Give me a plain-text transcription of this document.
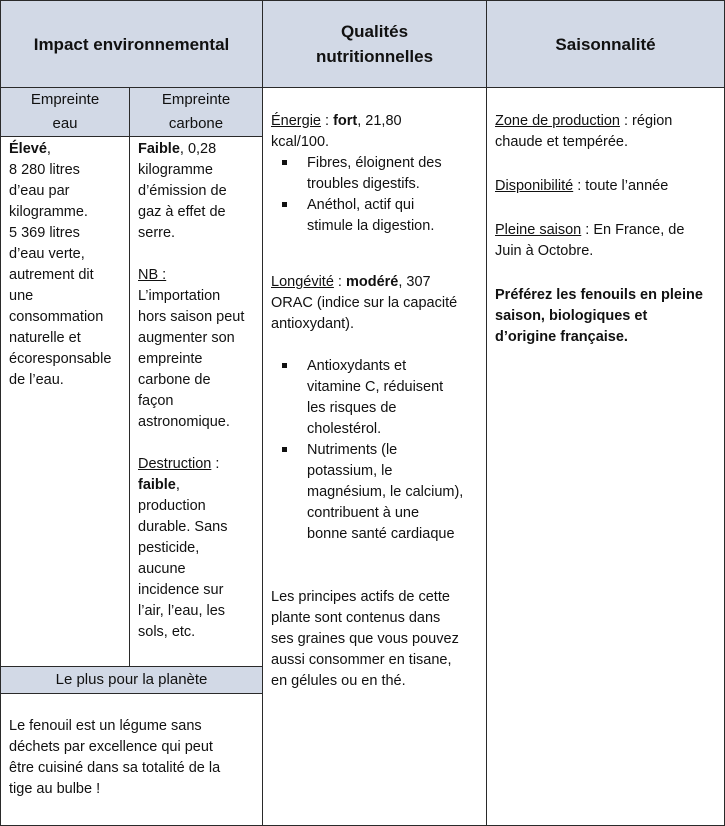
Impact environnemental
Qualités
nutritionnelles
Saisonnalité
Empreinte
eau
Empreinte
carbone

Élevé,

8 280 litres

d’eau par

kilogramme.

5 369 litres

d’eau verte,

autrement dit

une

consommation

naturelle et

écoresponsable

de l’eau.

Faible, 0,28

kilogramme

d’émission de

gaz à effet de

serre.

NB :

L’importation

hors saison peut

augmenter son

empreinte

carbone de

façon

astronomique.

Destruction :

faible,

production

durable. Sans

pesticide,

aucune

incidence sur

l’air, l’eau, les

sols, etc.

Le plus pour la planète

Le fenouil est un légume sans

déchets par excellence qui peut

être cuisiné dans sa totalité de la

tige au bulbe !

Énergie : fort, 21,80

kcal/100.

Fibres, éloignent des
troubles digestifs.
Anéthol, actif qui
stimule la digestion.

Longévité : modéré, 307

ORAC (indice sur la capacité

antioxydant).

Antioxydants et
vitamine C, réduisent
les risques de
cholestérol.
Nutriments (le
potassium, le
magnésium, le calcium),
contribuent à une
bonne santé cardiaque

Les principes actifs de cette

plante sont contenus dans

ses graines que vous pouvez

aussi consommer en tisane,

en gélules ou en thé.

Zone de production : région

chaude et tempérée.

Disponibilité : toute l’année

Pleine saison : En France, de

Juin à Octobre.

Préférez les fenouils en pleine

saison, biologiques et

d’origine française.
